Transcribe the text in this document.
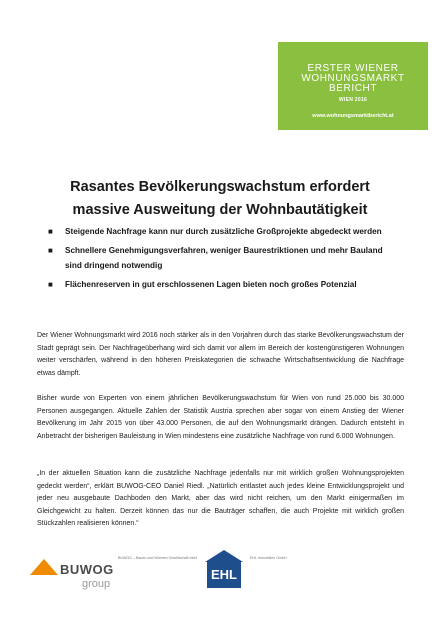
ERSTER WIENER
WOHNUNGSMARKT
BERICHT
WIEN 2016
www.wohnungsmarktbericht.at
Rasantes Bevölkerungswachstum erfordert massive Ausweitung der Wohnbautätigkeit
■	Steigende Nachfrage kann nur durch zusätzliche Großprojekte abgedeckt werden
■	Schnellere Genehmigungsverfahren, weniger Baurestriktionen und mehr Bauland sind dringend notwendig
■	Flächenreserven in gut erschlossenen Lagen bieten noch großes Potenzial
Der Wiener Wohnungsmarkt wird 2016 noch stärker als in den Vorjahren durch das starke Bevölkerungswachstum der Stadt geprägt sein. Der Nachfrageüberhang wird sich damit vor allem im Bereich der kostengünstigeren Wohnungen weiter verschärfen, während in den höheren Preiskategorien die schwache Wirtschaftsentwicklung die Nachfrage etwas dämpft.
Bisher wurde von Experten von einem jährlichen Bevölkerungswachstum für Wien von rund 25.000 bis 30.000 Personen ausgegangen. Aktuelle Zahlen der Statistik Austria sprechen aber sogar von einem Anstieg der Wiener Bevölkerung im Jahr 2015 von über 43.000 Personen, die auf den Wohnungsmarkt drängen. Dadurch entsteht in Anbetracht der bisherigen Bauleistung in Wien mindestens eine zusätzliche Nachfrage von rund 6.000 Wohnungen.
„In der aktuellen Situation kann die zusätzliche Nachfrage jedenfalls nur mit wirklich großen Wohnungsprojekten gedeckt werden“, erklärt BUWOG-CEO Daniel Riedl. „Natürlich entlastet auch jedes kleine Entwicklungsprojekt und jeder neu ausgebaute Dachboden den Markt, aber das wird nicht reichen, um den Markt einigermaßen im Gleichgewicht zu halten. Derzeit können das nur die Bauträger schaffen, die auch Projekte mit wirklich großen Stückzahlen realisieren können.“
BUWOG
group
BUWOG – Bauen und Wohnen Gesellschaft mbH
EHL
EHL Immobilien GmbH
